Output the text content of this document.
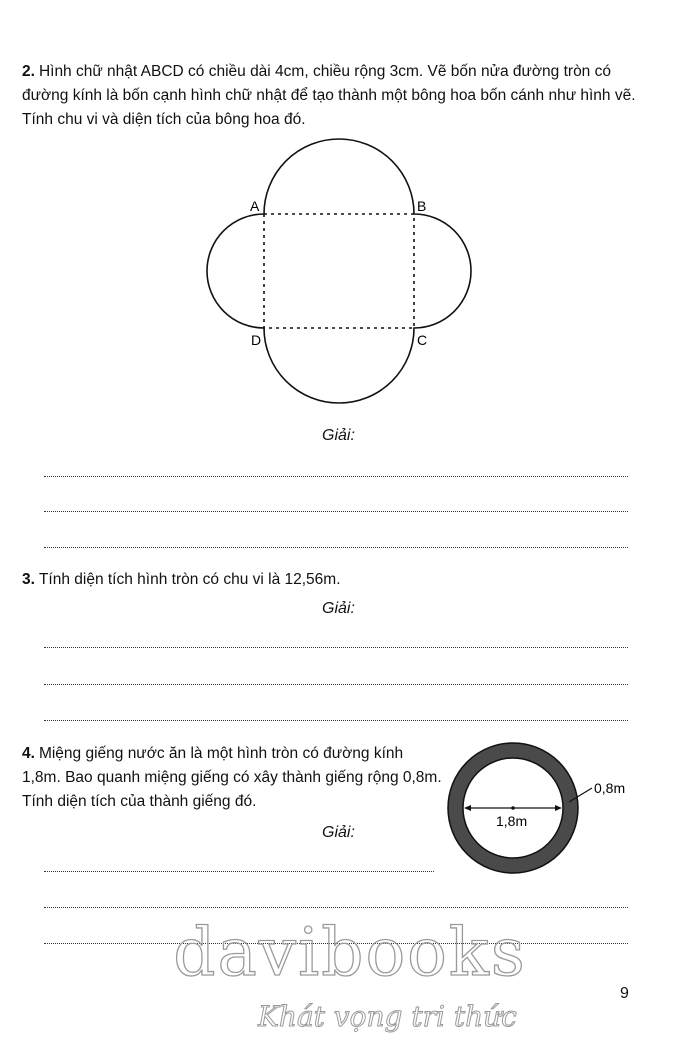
2. Hình chữ nhật ABCD có chiều dài 4cm, chiều rộng 3cm. Vẽ bốn nửa đường tròn có đường kính là bốn cạnh hình chữ nhật để tạo thành một bông hoa bốn cánh như hình vẽ. Tính chu vi và diện tích của bông hoa đó.
A	B
C
D
Giải:
3. Tính diện tích hình tròn có chu vi là 12,56m.
Giải:
4. Miệng giếng nước ăn là một hình tròn có đường kính 1,8m. Bao quanh miệng giếng có xây thành giếng rộng 0,8m. Tính diện tích của thành giếng đó.
1,8m
0,8m
Giải:
davibooks
Khát vọng tri thức
9
